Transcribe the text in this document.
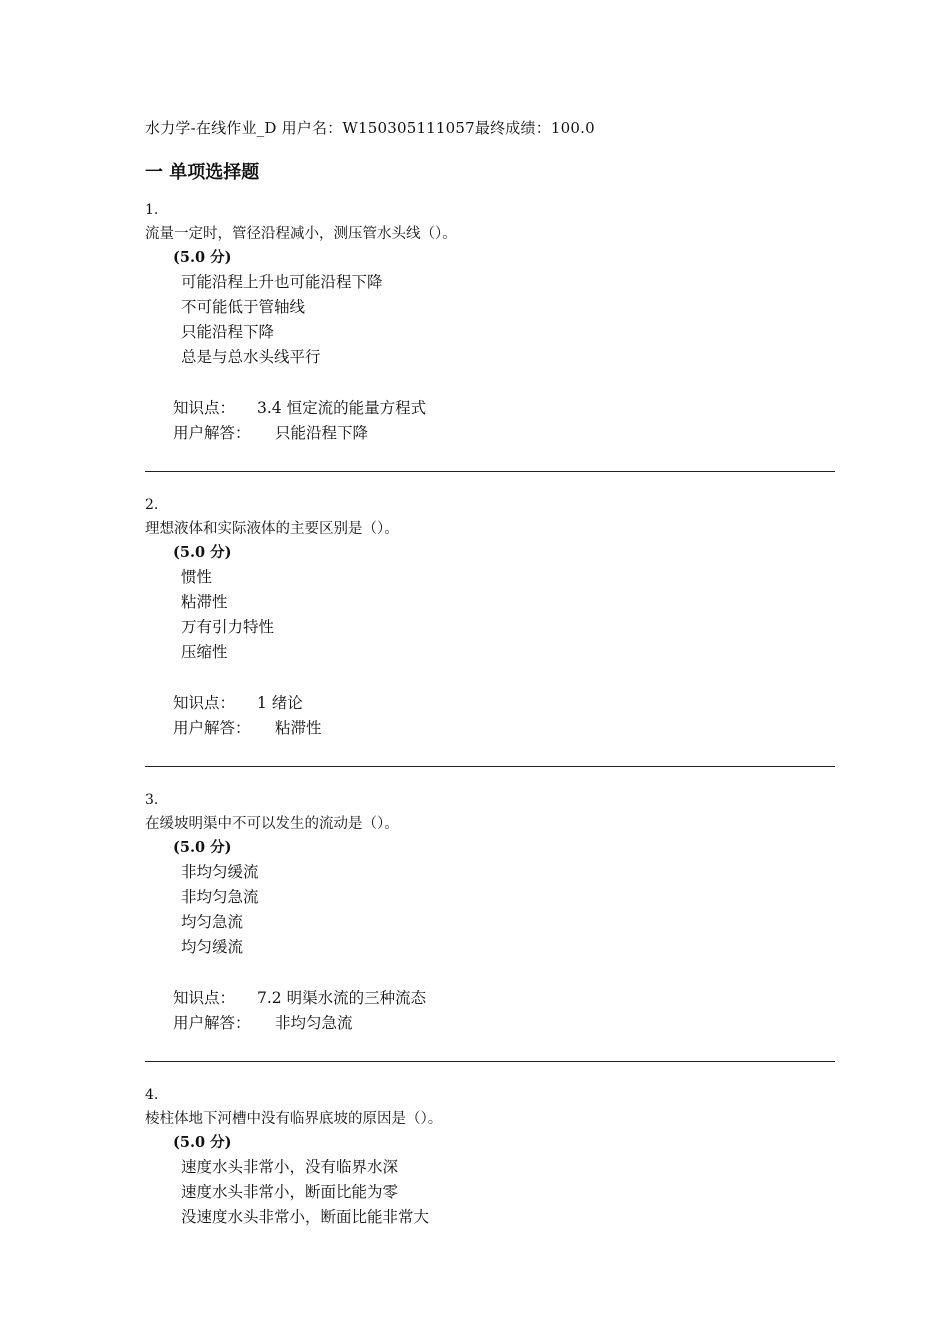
水力学-在线作业_D 用户名：W150305111057最终成绩：100.0
一 单项选择题
1.
流量一定时，管径沿程减小，测压管水头线（）。
(5.0 分)
可能沿程上升也可能沿程下降
不可能低于管轴线
只能沿程下降
总是与总水头线平行
知识点： 3.4 恒定流的能量方程式
用户解答： 只能沿程下降
2.
理想液体和实际液体的主要区别是（）。
(5.0 分)
惯性
粘滞性
万有引力特性
压缩性
知识点： 1 绪论
用户解答： 粘滞性
3.
在缓坡明渠中不可以发生的流动是（）。
(5.0 分)
非均匀缓流
非均匀急流
均匀急流
均匀缓流
知识点： 7.2 明渠水流的三种流态
用户解答： 非均匀急流
4.
棱柱体地下河槽中没有临界底坡的原因是（）。
(5.0 分)
速度水头非常小，没有临界水深
速度水头非常小，断面比能为零
没速度水头非常小，断面比能非常大
